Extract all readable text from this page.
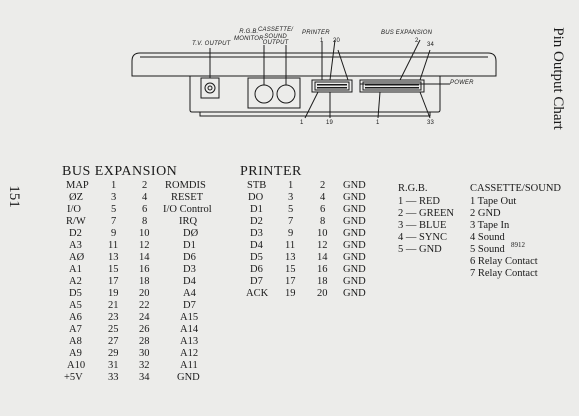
151
Pin Output Chart
T.V. OUTPUT
R.G.B.
MONITOR
CASSETTE/
SOUND
OUTPUT
PRINTER	BUS EXPANSION
POWER
1 20	2
34
1	19	1	33
BUS EXPANSION	PRINTER
MAP 1 2 ROMDIS
ØZ	3 4 RESET
I/O	5 6 I/O Control
R/W 7 8	IRQ
D2	9 10	DØ
A3 11 12	D1
AØ 13 14	D6
A1 15 16	D3
A2 17 18	D4
D5 19 20	A4
A5 21 22	D7
A6 23 24	A15
A7 25 26	A14
A8 27 28	A13
A9 29 30	A12
A10 31 32	A11
+5V 33 34	GND
STB 1	2 GND
DO 3	4 GND
D1 5	6 GND
D2 7	8 GND
D3 9 10 GND
D4 11 12 GND
D5 13 14 GND
D6 15 16 GND
D7 17 18 GND
ACK 19 20 GND
R.G.B.
1 — RED
2 — GREEN
3 — BLUE
4 — SYNC
5 — GND
CASSETTE/SOUND
1 Tape Out
2 GND
3 Tape In
4 Sound
8912
5 Sound
6 Relay Contact
7 Relay Contact
